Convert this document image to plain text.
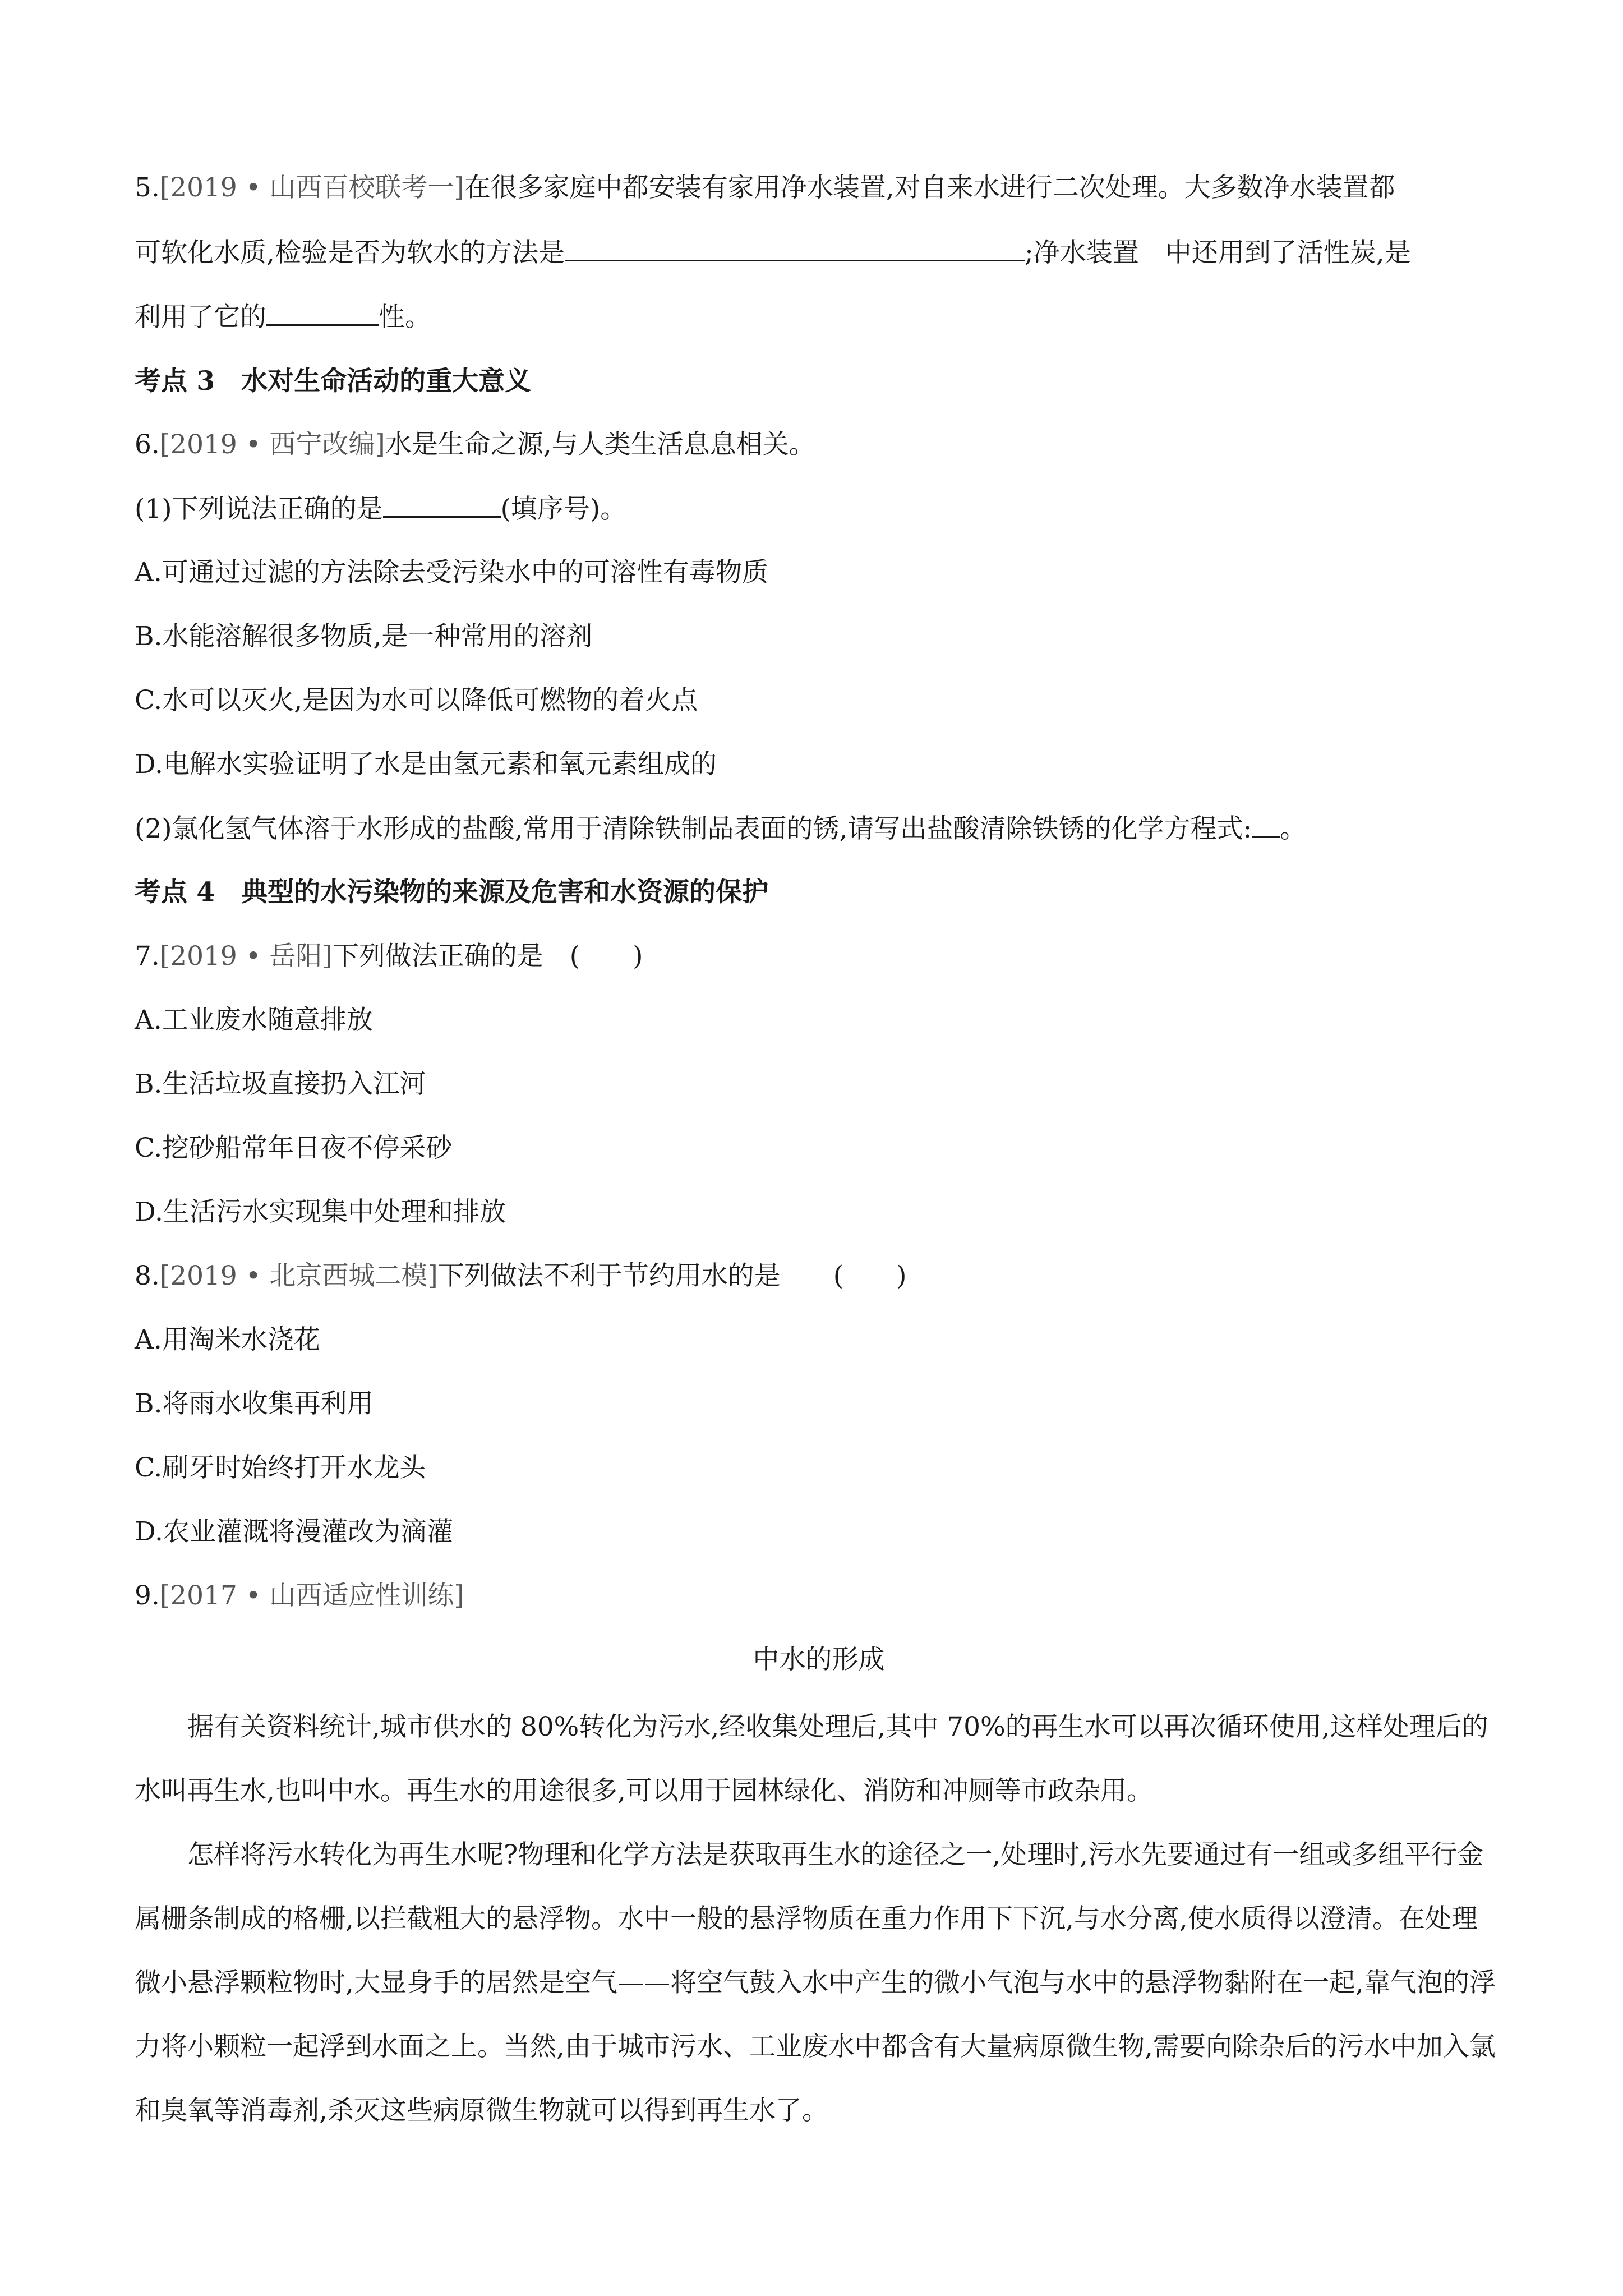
5.[2019 • 山西百校联考一]在很多家庭中都安装有家用净水装置,对自来水进行二次处理。大多数净水装置都
可软化水质,检验是否为软水的方法是	;净水装置　中还用到了活性炭,是
利用了它的	性。
考点 3　水对生命活动的重大意义
6.[2019 • 西宁改编]水是生命之源,与人类生活息息相关。
(1)下列说法正确的是	(填序号)。
A.可通过过滤的方法除去受污染水中的可溶性有毒物质
B.水能溶解很多物质,是一种常用的溶剂
C.水可以灭火,是因为水可以降低可燃物的着火点
D.电解水实验证明了水是由氢元素和氧元素组成的
(2)氯化氢气体溶于水形成的盐酸,常用于清除铁制品表面的锈,请写出盐酸清除铁锈的化学方程式: 。
考点 4　典型的水污染物的来源及危害和水资源的保护
7.[2019 • 岳阳]下列做法正确的是　(　　)
A.工业废水随意排放
B.生活垃圾直接扔入江河
C.挖砂船常年日夜不停采砂
D.生活污水实现集中处理和排放
8.[2019 • 北京西城二模]下列做法不利于节约用水的是　　(　　)
A.用淘米水浇花
B.将雨水收集再利用
C.刷牙时始终打开水龙头
D.农业灌溉将漫灌改为滴灌
9.[2017 • 山西适应性训练]
中水的形成
据有关资料统计,城市供水的 80%转化为污水,经收集处理后,其中 70%的再生水可以再次循环使用,这样处理后的水叫再生水,也叫中水。再生水的用途很多,可以用于园林绿化、消防和冲厕等市政杂用。
怎样将污水转化为再生水呢?物理和化学方法是获取再生水的途径之一,处理时,污水先要通过有一组或多组平行金属栅条制成的格栅,以拦截粗大的悬浮物。水中一般的悬浮物质在重力作用下下沉,与水分离,使水质得以澄清。在处理微小悬浮颗粒物时,大显身手的居然是空气——将空气鼓入水中产生的微小气泡与水中的悬浮物黏附在一起,靠气泡的浮力将小颗粒一起浮到水面之上。当然,由于城市污水、工业废水中都含有大量病原微生物,需要向除杂后的污水中加入氯和臭氧等消毒剂,杀灭这些病原微生物就可以得到再生水了。
